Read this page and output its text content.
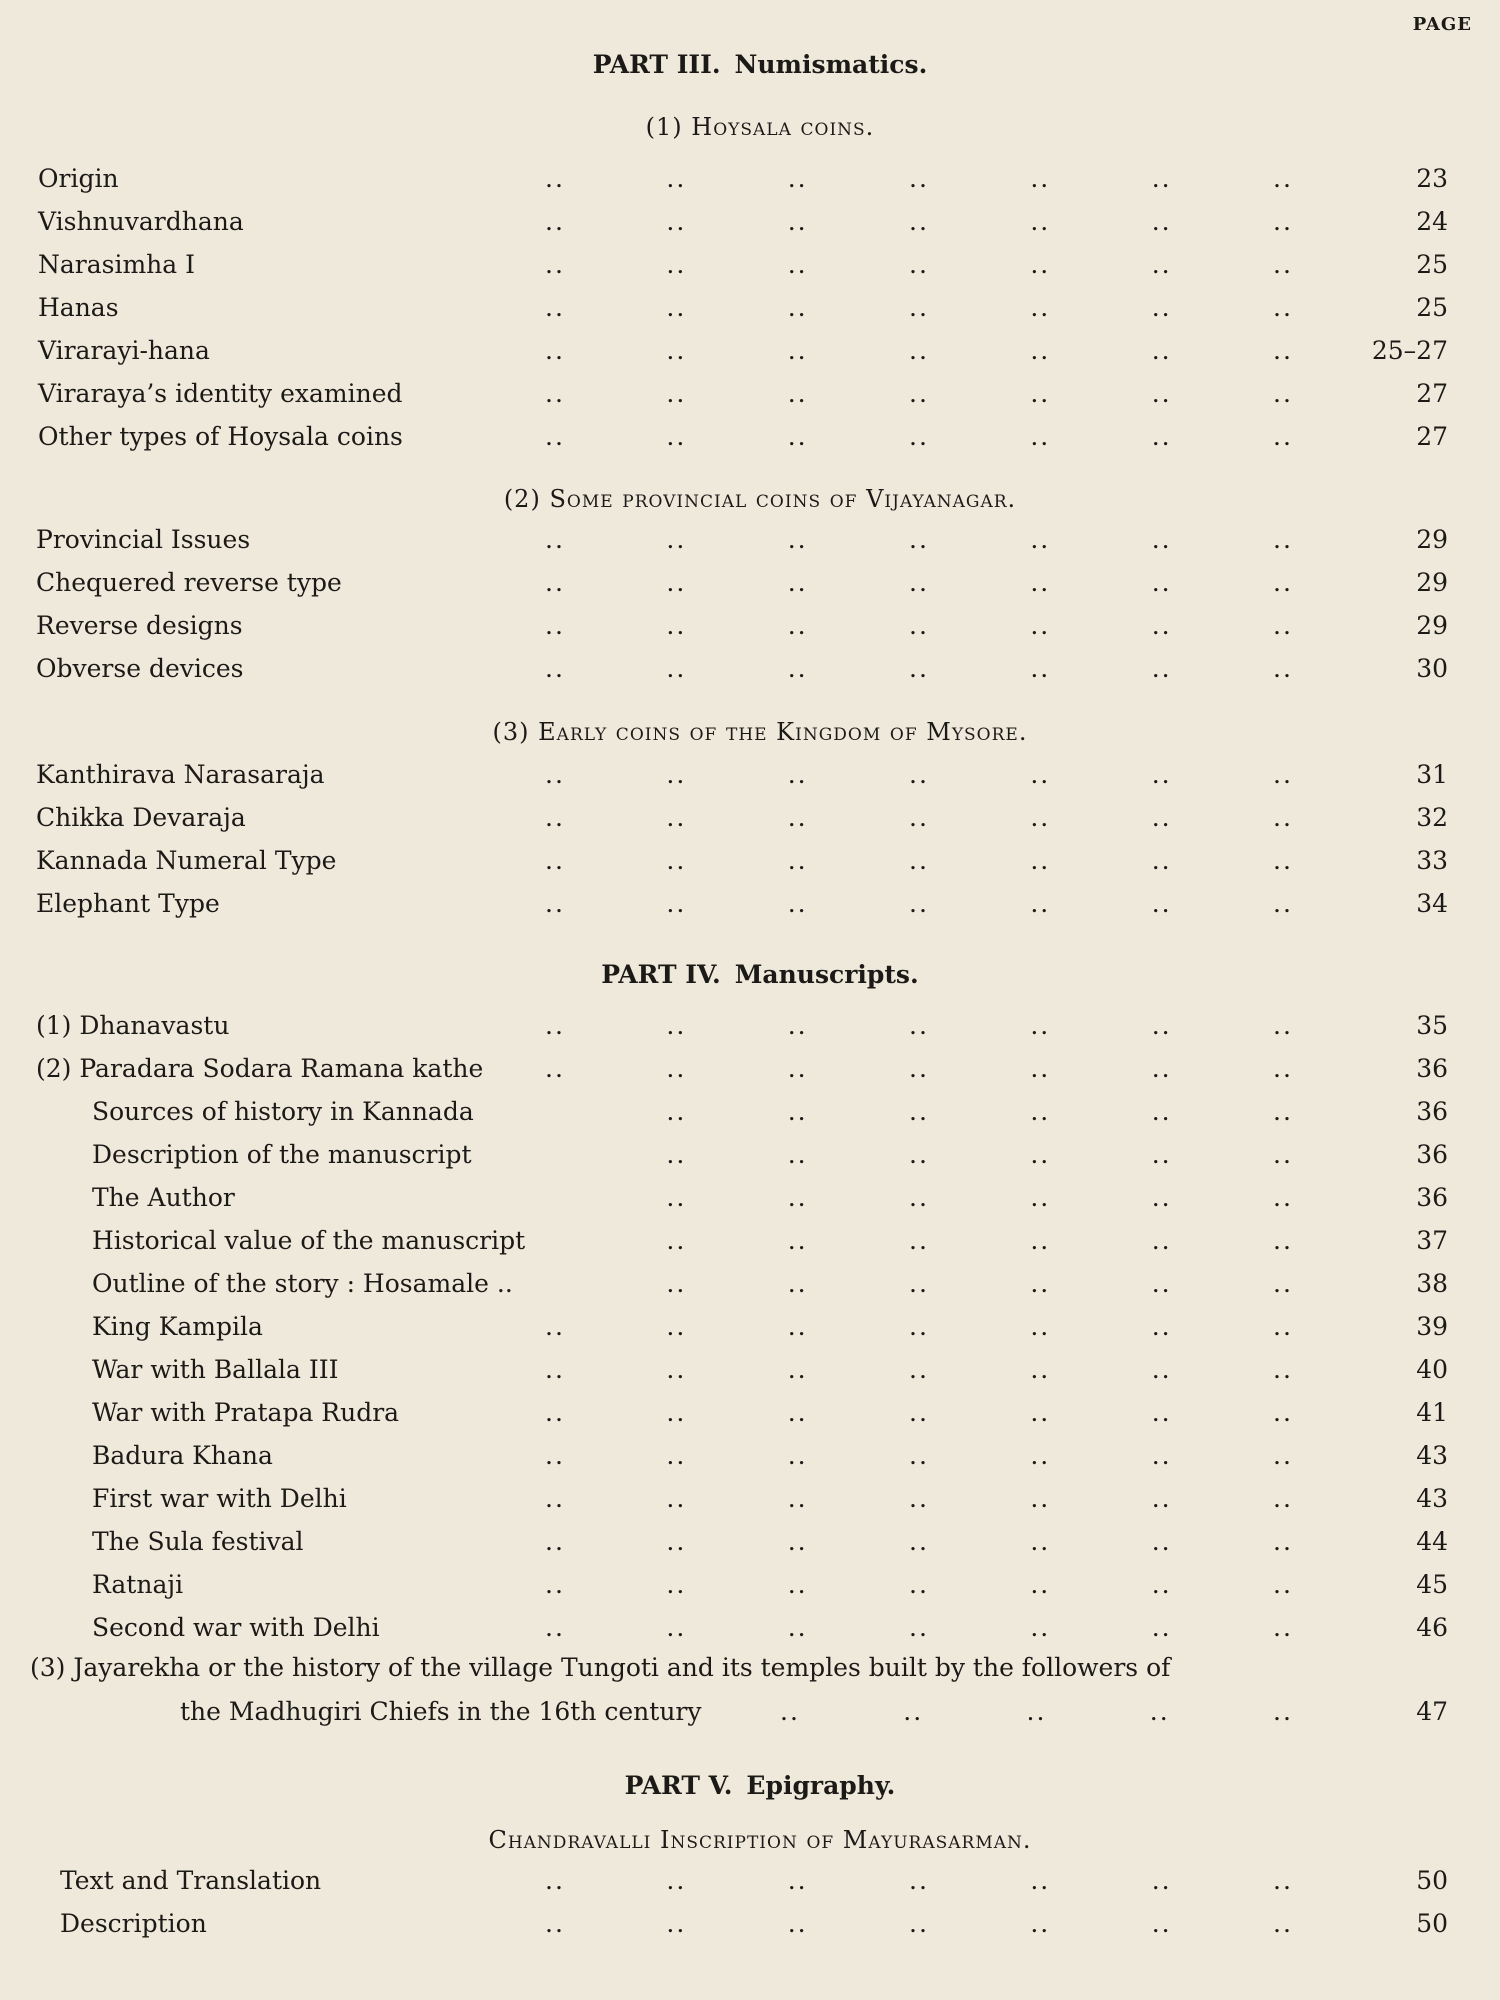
PAGE
PART III. Numismatics.
(1) Hoysala coins.
Origin	..	..	..	..	..	..	..	23
Vishnuvardhana	..	..	..	..	..	..	..	24
Narasimha I	..	..	..	..	..	..	..	25
Hanas	..	..	..	..	..	..	..	25
Virarayi-hana	..	..	..	..	..	..	..	25–27
Viraraya’s identity examined	..	..	..	..	..	..	..	27
Other types of Hoysala coins	..	..	..	..	..	..	..	27
(2) Some provincial coins of Vijayanagar.
Provincial Issues	..	..	..	..	..	..	..	29
Chequered reverse type	..	..	..	..	..	..	..	29
Reverse designs	..	..	..	..	..	..	..	29
Obverse devices	..	..	..	..	..	..	..	30
(3) Early coins of the Kingdom of Mysore.
Kanthirava Narasaraja	..	..	..	..	..	..	..	31
Chikka Devaraja	..	..	..	..	..	..	..	32
Kannada Numeral Type	..	..	..	..	..	..	..	33
Elephant Type	..	..	..	..	..	..	..	34
PART IV. Manuscripts.
(1) Dhanavastu	..	..	..	..	..	..	..	35
(2) Paradara Sodara Ramana kathe	..	..	..	..	..	..	..	36
Sources of history in Kannada	..	..	..	..	..	..	36
Description of the manuscript	..	..	..	..	..	..	36
The Author	..	..	..	..	..	..	36
Historical value of the manuscript	..	..	..	..	..	..	37
Outline of the story : Hosamale ..	..	..	..	..	..	..	38
King Kampila	..	..	..	..	..	..	..	39
War with Ballala III	..	..	..	..	..	..	..	40
War with Pratapa Rudra	..	..	..	..	..	..	..	41
Badura Khana	..	..	..	..	..	..	..	43
First war with Delhi	..	..	..	..	..	..	..	43
The Sula festival	..	..	..	..	..	..	..	44
Ratnaji	..	..	..	..	..	..	..	45
Second war with Delhi	..	..	..	..	..	..	..	46
(3) Jayarekha or the history of the village Tungoti and its temples built by the followers of
the Madhugiri Chiefs in the 16th century	..	..	..	..	..	47
PART V. Epigraphy.
Chandravalli Inscription of Mayurasarman.
Text and Translation	..	..	..	..	..	..	..	50
Description	..	..	..	..	..	..	..	50
